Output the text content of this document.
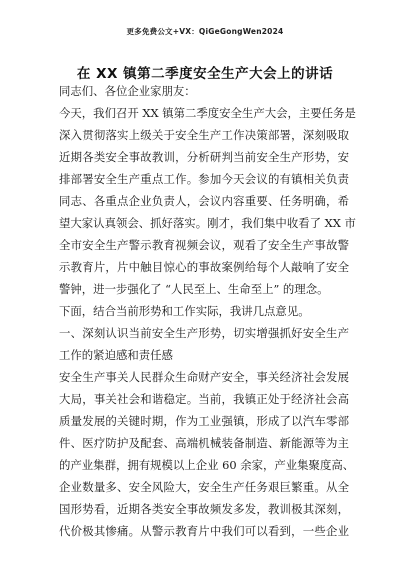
更多免费公文+VX：QiGeGongWen2024
在 XX 镇第二季度安全生产大会上的讲话
同志们、各位企业家朋友：
今天，我们召开 XX 镇第二季度安全生产大会，主要任务是
深入贯彻落实上级关于安全生产工作决策部署，深刻吸取
近期各类安全事故教训，分析研判当前安全生产形势，安
排部署安全生产重点工作。参加今天会议的有镇相关负责
同志、各重点企业负责人，会议内容重要、任务明确，希
望大家认真领会、抓好落实。刚才，我们集中收看了 XX 市
全市安全生产警示教育视频会议，观看了安全生产事故警
示教育片，片中触目惊心的事故案例给每个人敲响了安全
警钟，进一步强化了 “人民至上、生命至上” 的理念。
下面，结合当前形势和工作实际，我讲几点意见。
一、深刻认识当前安全生产形势，切实增强抓好安全生产
工作的紧迫感和责任感
安全生产事关人民群众生命财产安全，事关经济社会发展
大局，事关社会和谐稳定。当前，我镇正处于经济社会高
质量发展的关键时期，作为工业强镇，形成了以汽车零部
件、医疗防护及配套、高端机械装备制造、新能源等为主
的产业集群，拥有规模以上企业 60 余家，产业集聚度高、
企业数量多、安全风险大，安全生产任务艰巨繁重。从全
国形势看，近期各类安全事故频发多发，教训极其深刻，
代价极其惨痛。从警示教育片中我们可以看到，一些企业
